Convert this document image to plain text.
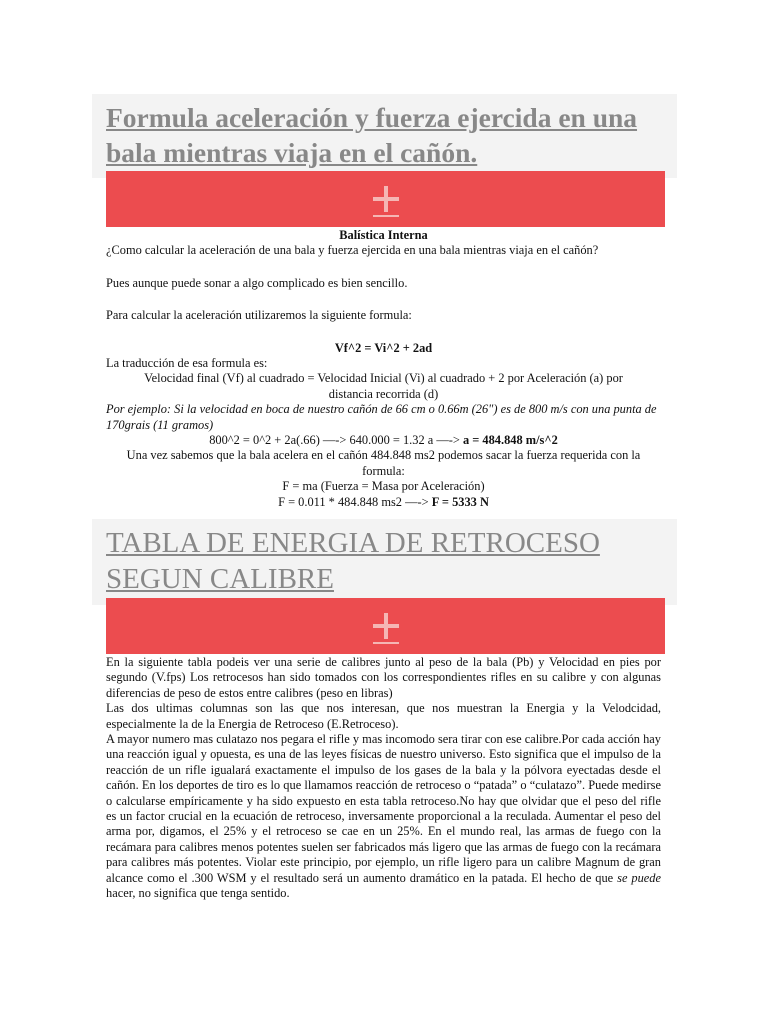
Formula aceleración y fuerza ejercida en una bala mientras viaja en el cañón.
Balística Interna
¿Como calcular la aceleración de una bala y fuerza ejercida en una bala mientras viaja en el cañón?
Pues aunque puede sonar a algo complicado es bien sencillo.
Para calcular la aceleración utilizaremos la siguiente formula:
Vf^2 = Vi^2 + 2ad
La traducción de esa formula es:
Velocidad final (Vf) al cuadrado = Velocidad Inicial (Vi) al cuadrado + 2 por Aceleración (a) por distancia recorrida (d)
Por ejemplo: Si la velocidad en boca de nuestro cañón de 66 cm o 0.66m (26") es de 800 m/s con una punta de 170grais (11 gramos)
800^2 = 0^2 + 2a(.66) —-> 640.000 = 1.32 a —-> a = 484.848 m/s^2
Una vez sabemos que la bala acelera en el cañón 484.848 ms2 podemos sacar la fuerza requerida con la formula:
F = ma (Fuerza = Masa por Aceleración)
F = 0.011 * 484.848 ms2 —-> F = 5333 N
TABLA DE ENERGIA DE RETROCESO SEGUN CALIBRE
En la siguiente tabla podeis ver una serie de calibres junto al peso de la bala (Pb) y Velocidad en pies por segundo (V.fps) Los retrocesos han sido tomados con los correspondientes rifles en su calibre y con algunas diferencias de peso de estos entre calibres (peso en libras)
Las dos ultimas columnas son las que nos interesan, que nos muestran la Energia y la Velodcidad, especialmente la de la Energia de Retroceso (E.Retroceso).
A mayor numero mas culatazo nos pegara el rifle y mas incomodo sera tirar con ese calibre.Por cada acción hay una reacción igual y opuesta, es una de las leyes físicas de nuestro universo. Esto significa que el impulso de la reacción de un rifle igualará exactamente el impulso de los gases de la bala y la pólvora eyectadas desde el cañón. En los deportes de tiro es lo que llamamos reacción de retroceso o “patada” o “culatazo”. Puede medirse o calcularse empíricamente y ha sido expuesto en esta tabla retroceso.No hay que olvidar que el peso del rifle es un factor crucial en la ecuación de retroceso, inversamente proporcional a la reculada. Aumentar el peso del arma por, digamos, el 25% y el retroceso se cae en un 25%. En el mundo real, las armas de fuego con la recámara para calibres menos potentes suelen ser fabricados más ligero que las armas de fuego con la recámara para calibres más potentes. Violar este principio, por ejemplo, un rifle ligero para un calibre Magnum de gran alcance como el .300 WSM y el resultado será un aumento dramático en la patada. El hecho de que se puede hacer, no significa que tenga sentido.
